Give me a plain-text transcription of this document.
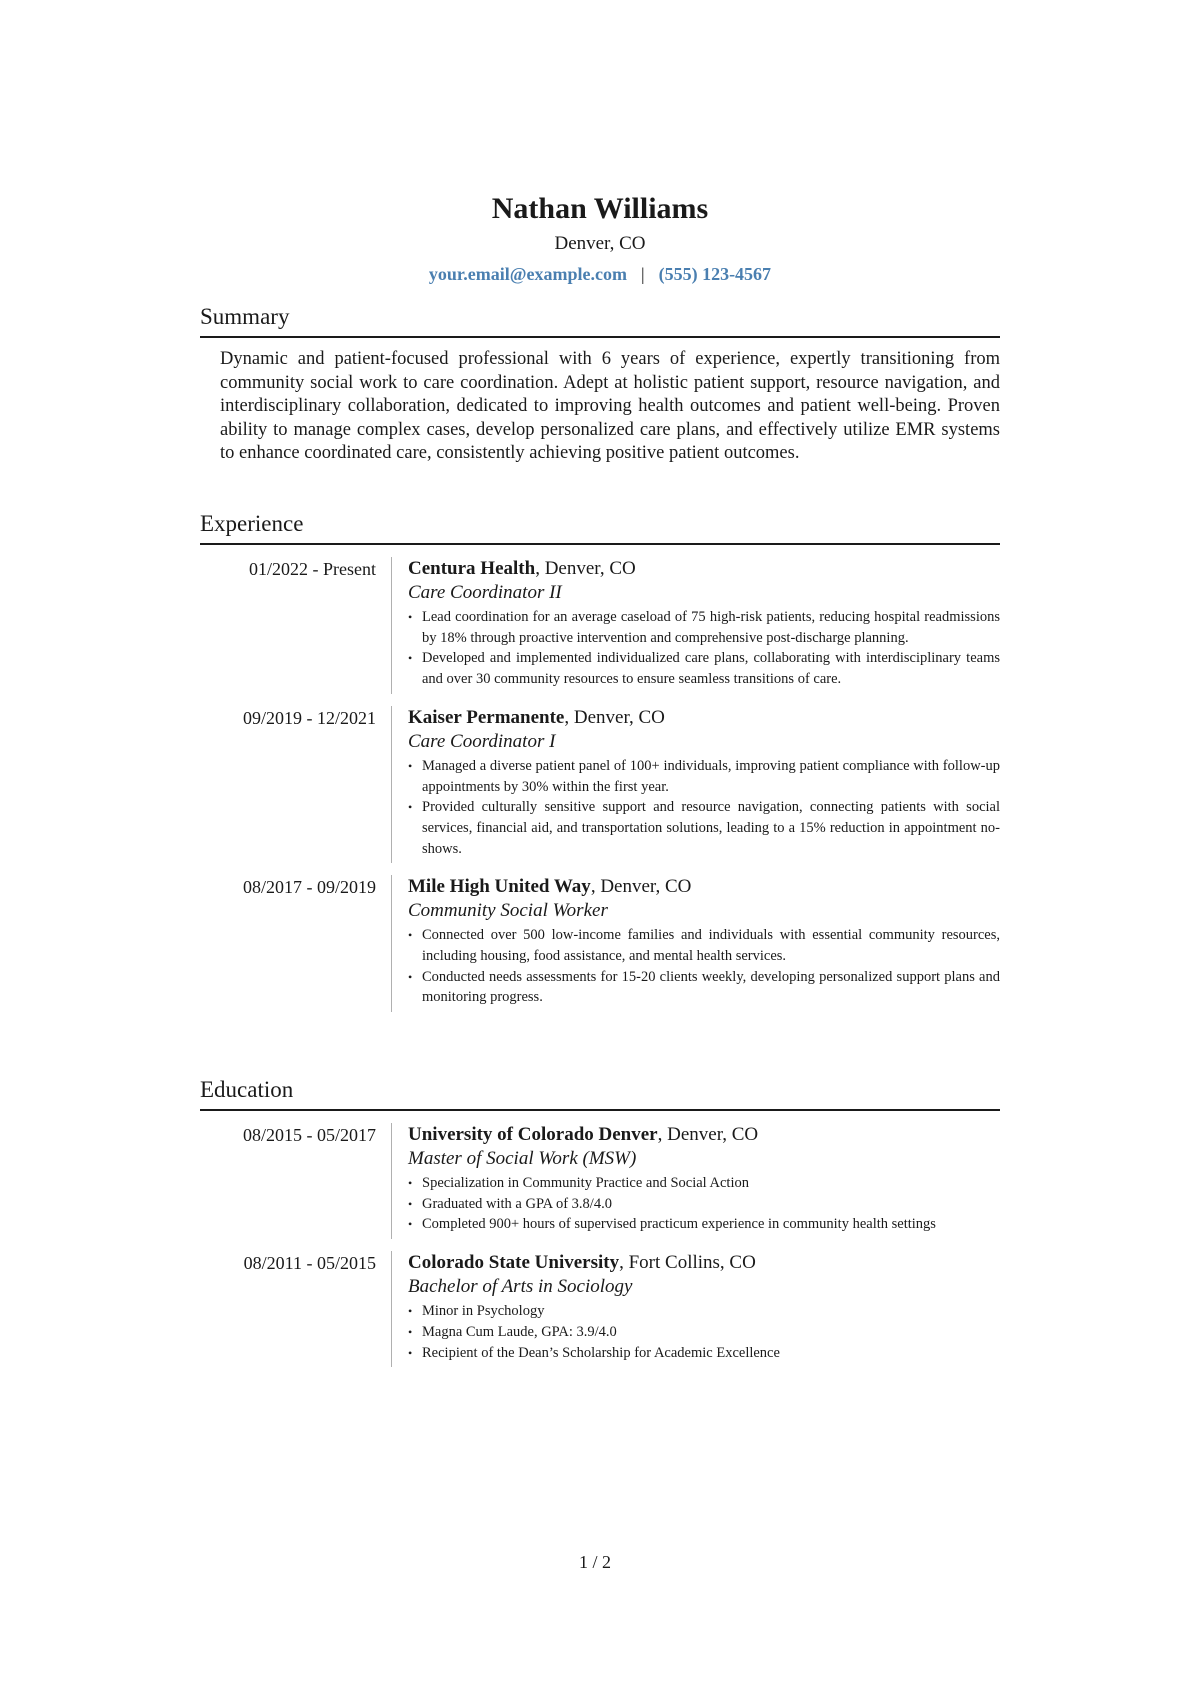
Nathan Williams
Denver, CO
your.email@example.com | (555) 123-4567
Summary

Dynamic and patient-focused professional with 6 years of experience, expertly transitioning from community social work to care coordination. Adept at holistic patient support, resource navigation, and interdisciplinary collaboration, dedicated to improving health outcomes and patient well-being. Proven ability to manage complex cases, develop personalized care plans, and effectively utilize EMR systems to enhance coordinated care, consistently achieving positive patient outcomes.

Experience
01/2022 - Present	Centura Health, Denver, CO
Care Coordinator II
• Lead coordination for an average caseload of 75 high-risk patients, reducing hospital readmissions by 18% through proactive intervention and comprehensive post-discharge planning.
• Developed and implemented individualized care plans, collaborating with interdisciplinary teams and over 30 community resources to ensure seamless transitions of care.
09/2019 - 12/2021	Kaiser Permanente, Denver, CO
Care Coordinator I
• Managed a diverse patient panel of 100+ individuals, improving patient compliance with follow-up appointments by 30% within the first year.
• Provided culturally sensitive support and resource navigation, connecting patients with social services, financial aid, and transportation solutions, leading to a 15% reduction in appointment no-shows.
08/2017 - 09/2019	Mile High United Way, Denver, CO
Community Social Worker
• Connected over 500 low-income families and individuals with essential community resources, including housing, food assistance, and mental health services.
• Conducted needs assessments for 15-20 clients weekly, developing personalized support plans and monitoring progress.
Education
08/2015 - 05/2017	University of Colorado Denver, Denver, CO
Master of Social Work (MSW)
• Specialization in Community Practice and Social Action
• Graduated with a GPA of 3.8/4.0
• Completed 900+ hours of supervised practicum experience in community health settings
08/2011 - 05/2015	Colorado State University, Fort Collins, CO
Bachelor of Arts in Sociology
• Minor in Psychology
• Magna Cum Laude, GPA: 3.9/4.0
• Recipient of the Dean’s Scholarship for Academic Excellence
1 / 2
